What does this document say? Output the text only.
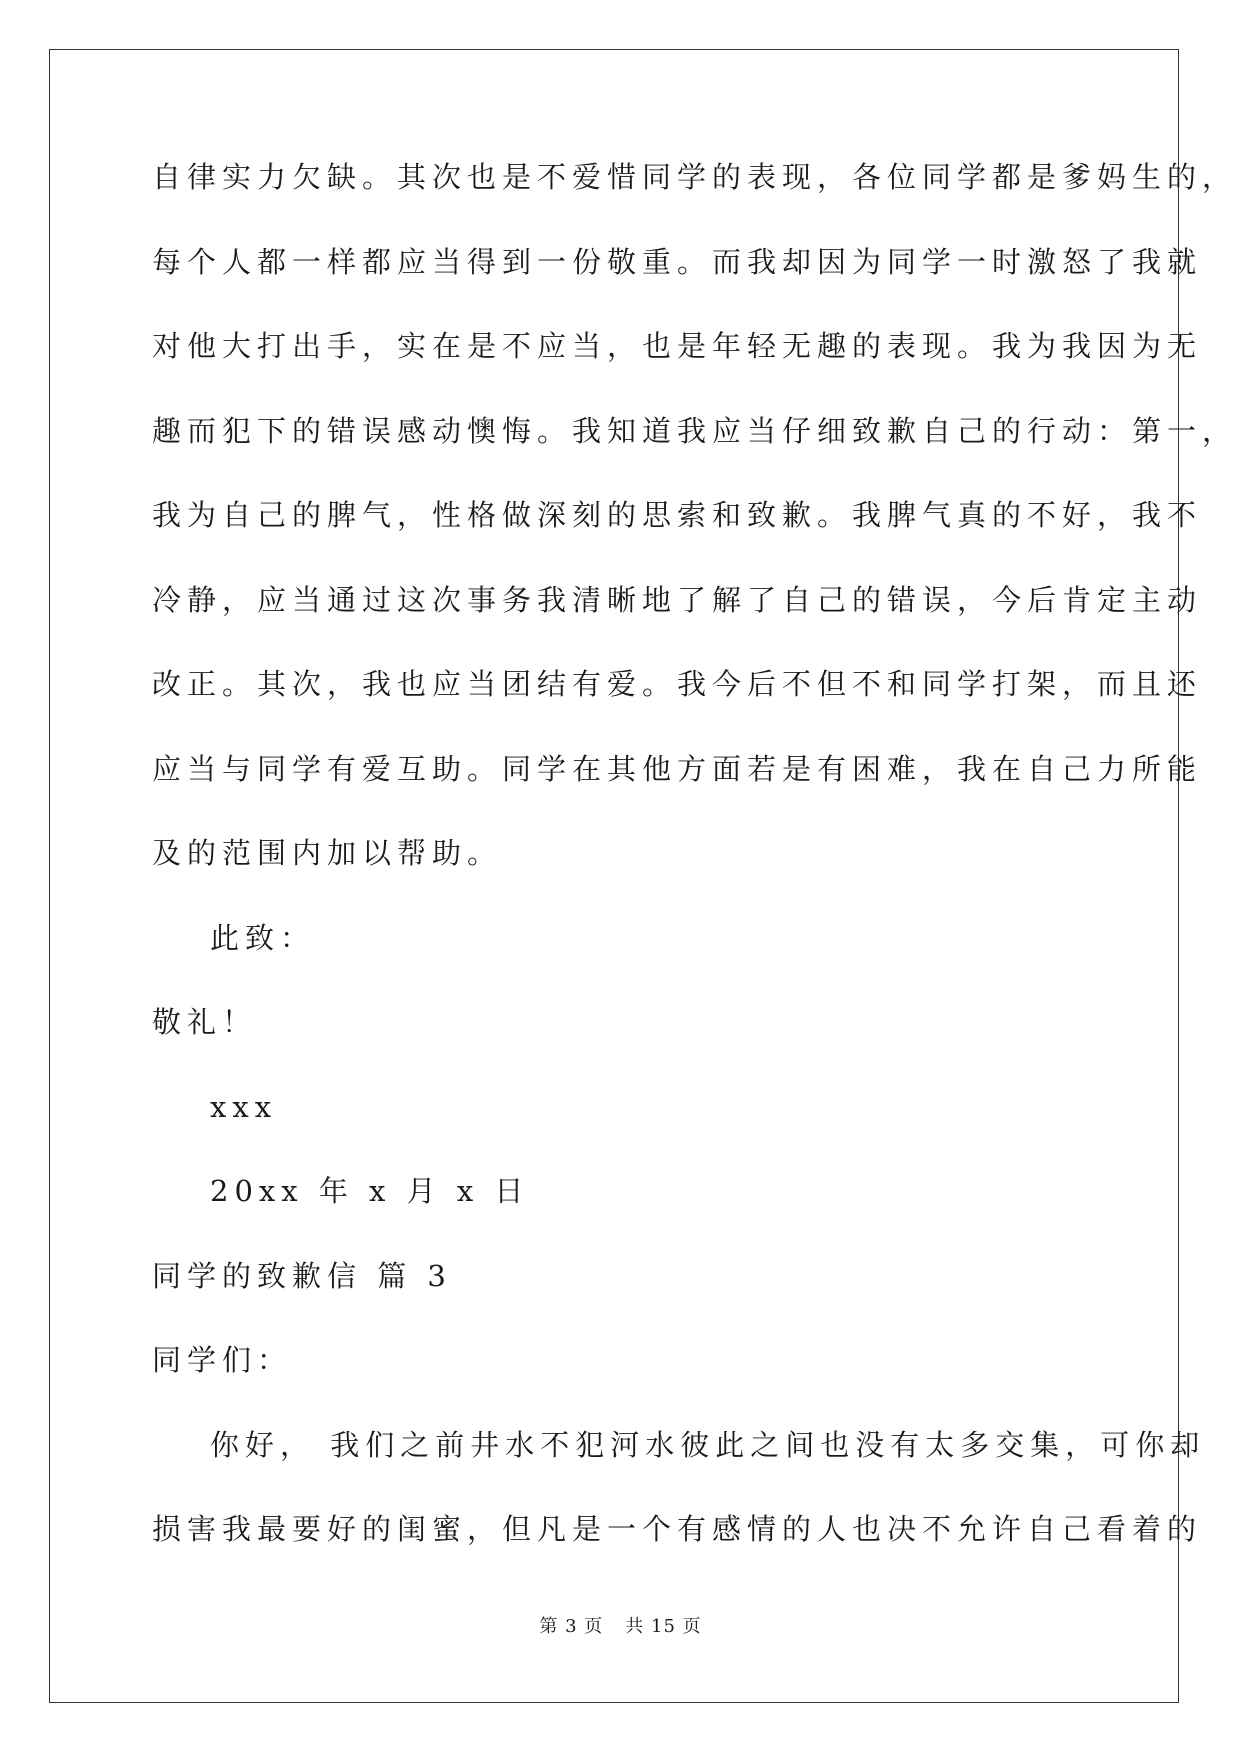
自律实力欠缺。其次也是不爱惜同学的表现，各位同学都是爹妈生的，
每个人都一样都应当得到一份敬重。而我却因为同学一时激怒了我就
对他大打出手，实在是不应当，也是年轻无趣的表现。我为我因为无
趣而犯下的错误感动懊悔。我知道我应当仔细致歉自己的行动：第一，
我为自己的脾气，性格做深刻的思索和致歉。我脾气真的不好，我不
冷静，应当通过这次事务我清晰地了解了自己的错误，今后肯定主动
改正。其次，我也应当团结有爱。我今后不但不和同学打架，而且还
应当与同学有爱互助。同学在其他方面若是有困难，我在自己力所能
及的范围内加以帮助。
此致：
敬礼！
xxx
20xx 年 x 月 x 日
同学的致歉信 篇 3
同学们：
你好， 我们之前井水不犯河水彼此之间也没有太多交集，可你却
损害我最要好的闺蜜，但凡是一个有感情的人也决不允许自己看着的
第 3 页 共 15 页
